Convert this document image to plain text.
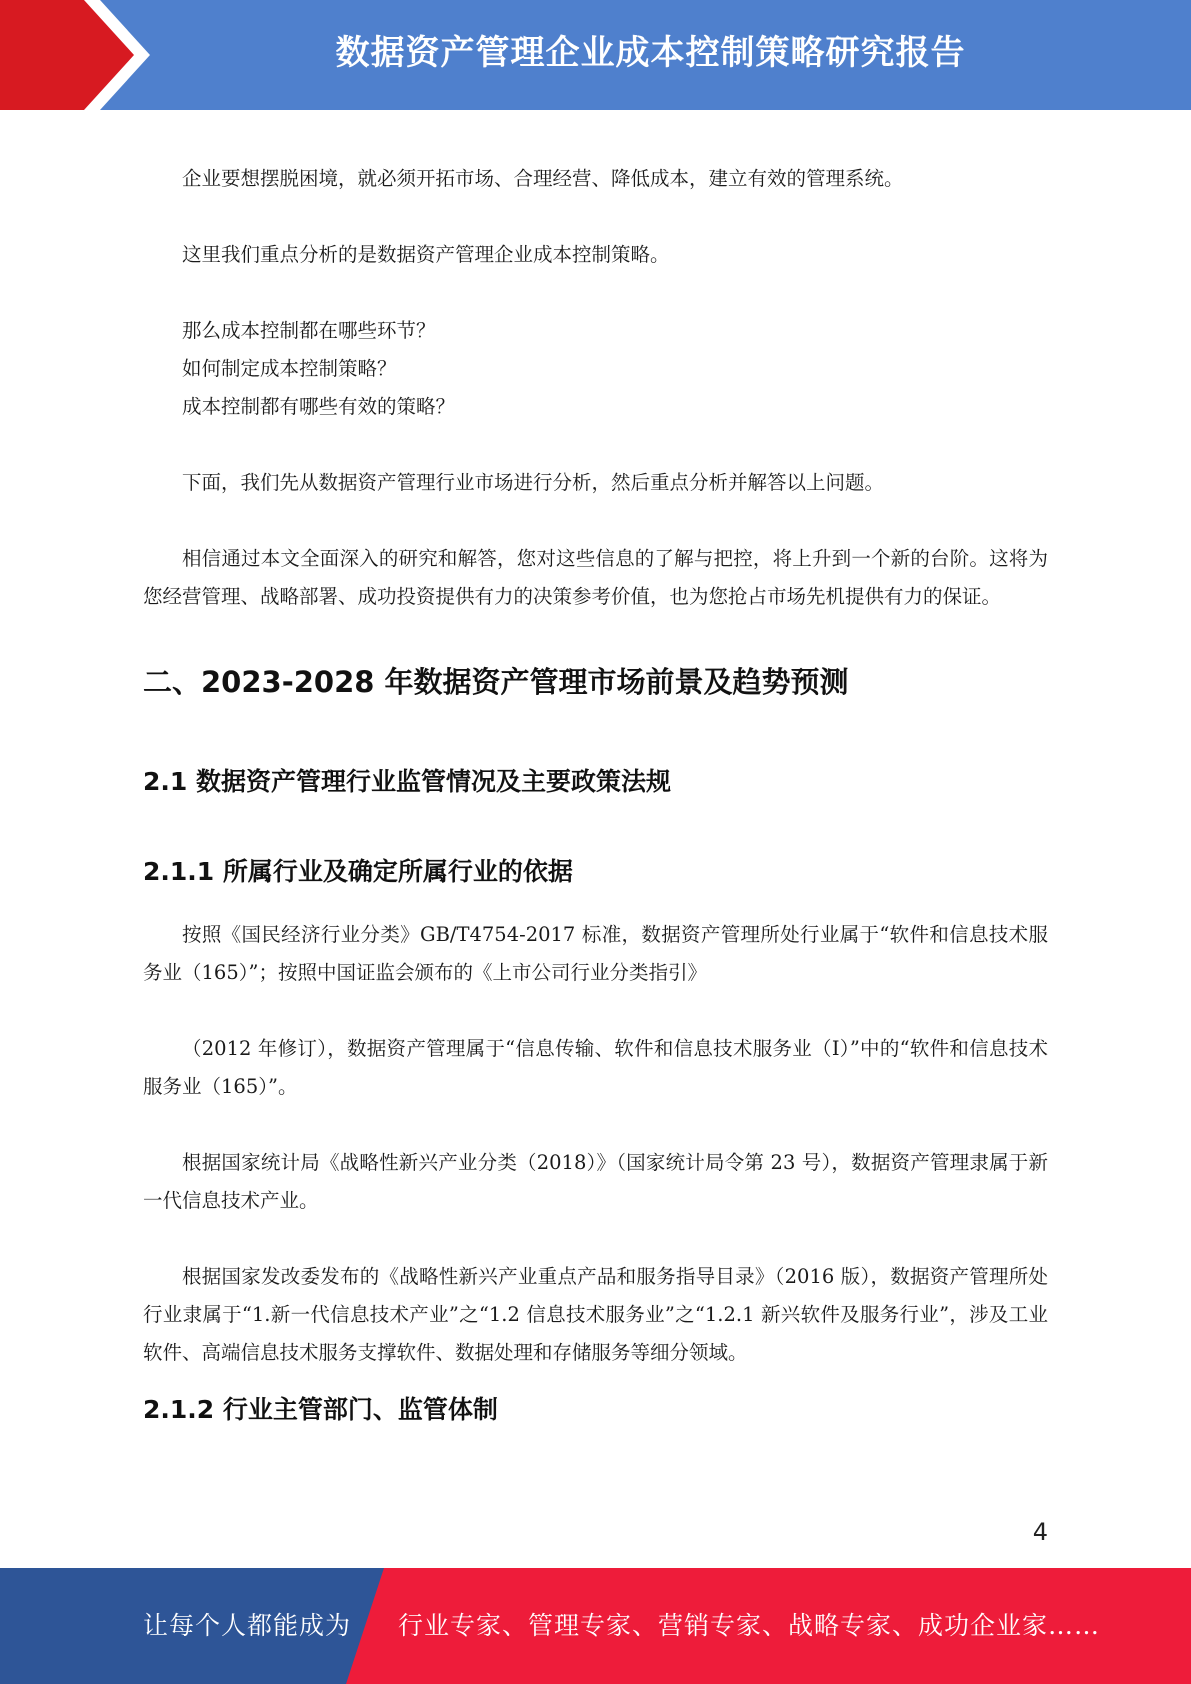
数据资产管理企业成本控制策略研究报告

企业要想摆脱困境，就必须开拓市场、合理经营、降低成本，建立有效的管理系统。

这里我们重点分析的是数据资产管理企业成本控制策略。

那么成本控制都在哪些环节？

如何制定成本控制策略？

成本控制都有哪些有效的策略？

下面，我们先从数据资产管理行业市场进行分析，然后重点分析并解答以上问题。

相信通过本文全面深入的研究和解答，您对这些信息的了解与把控，将上升到一个新的台阶。这将为您经营管理、战略部署、成功投资提供有力的决策参考价值，也为您抢占市场先机提供有力的保证。

二、2023-2028 年数据资产管理市场前景及趋势预测
2.1 数据资产管理行业监管情况及主要政策法规
2.1.1 所属行业及确定所属行业的依据

按照《国民经济行业分类》GB/T4754-2017 标准，数据资产管理所处行业属于“软件和信息技术服务业（165）”；按照中国证监会颁布的《上市公司行业分类指引》

（2012 年修订），数据资产管理属于“信息传输、软件和信息技术服务业（I）”中的“软件和信息技术服务业（165）”。

根据国家统计局《战略性新兴产业分类（2018）》（国家统计局令第 23 号），数据资产管理隶属于新一代信息技术产业。

根据国家发改委发布的《战略性新兴产业重点产品和服务指导目录》（2016 版），数据资产管理所处行业隶属于“1.新一代信息技术产业”之“1.2 信息技术服务业”之“1.2.1 新兴软件及服务行业”，涉及工业软件、高端信息技术服务支撑软件、数据处理和存储服务等细分领域。

2.1.2 行业主管部门、监管体制
4
让每个人都能成为 行业专家、管理专家、营销专家、战略专家、成功企业家……
